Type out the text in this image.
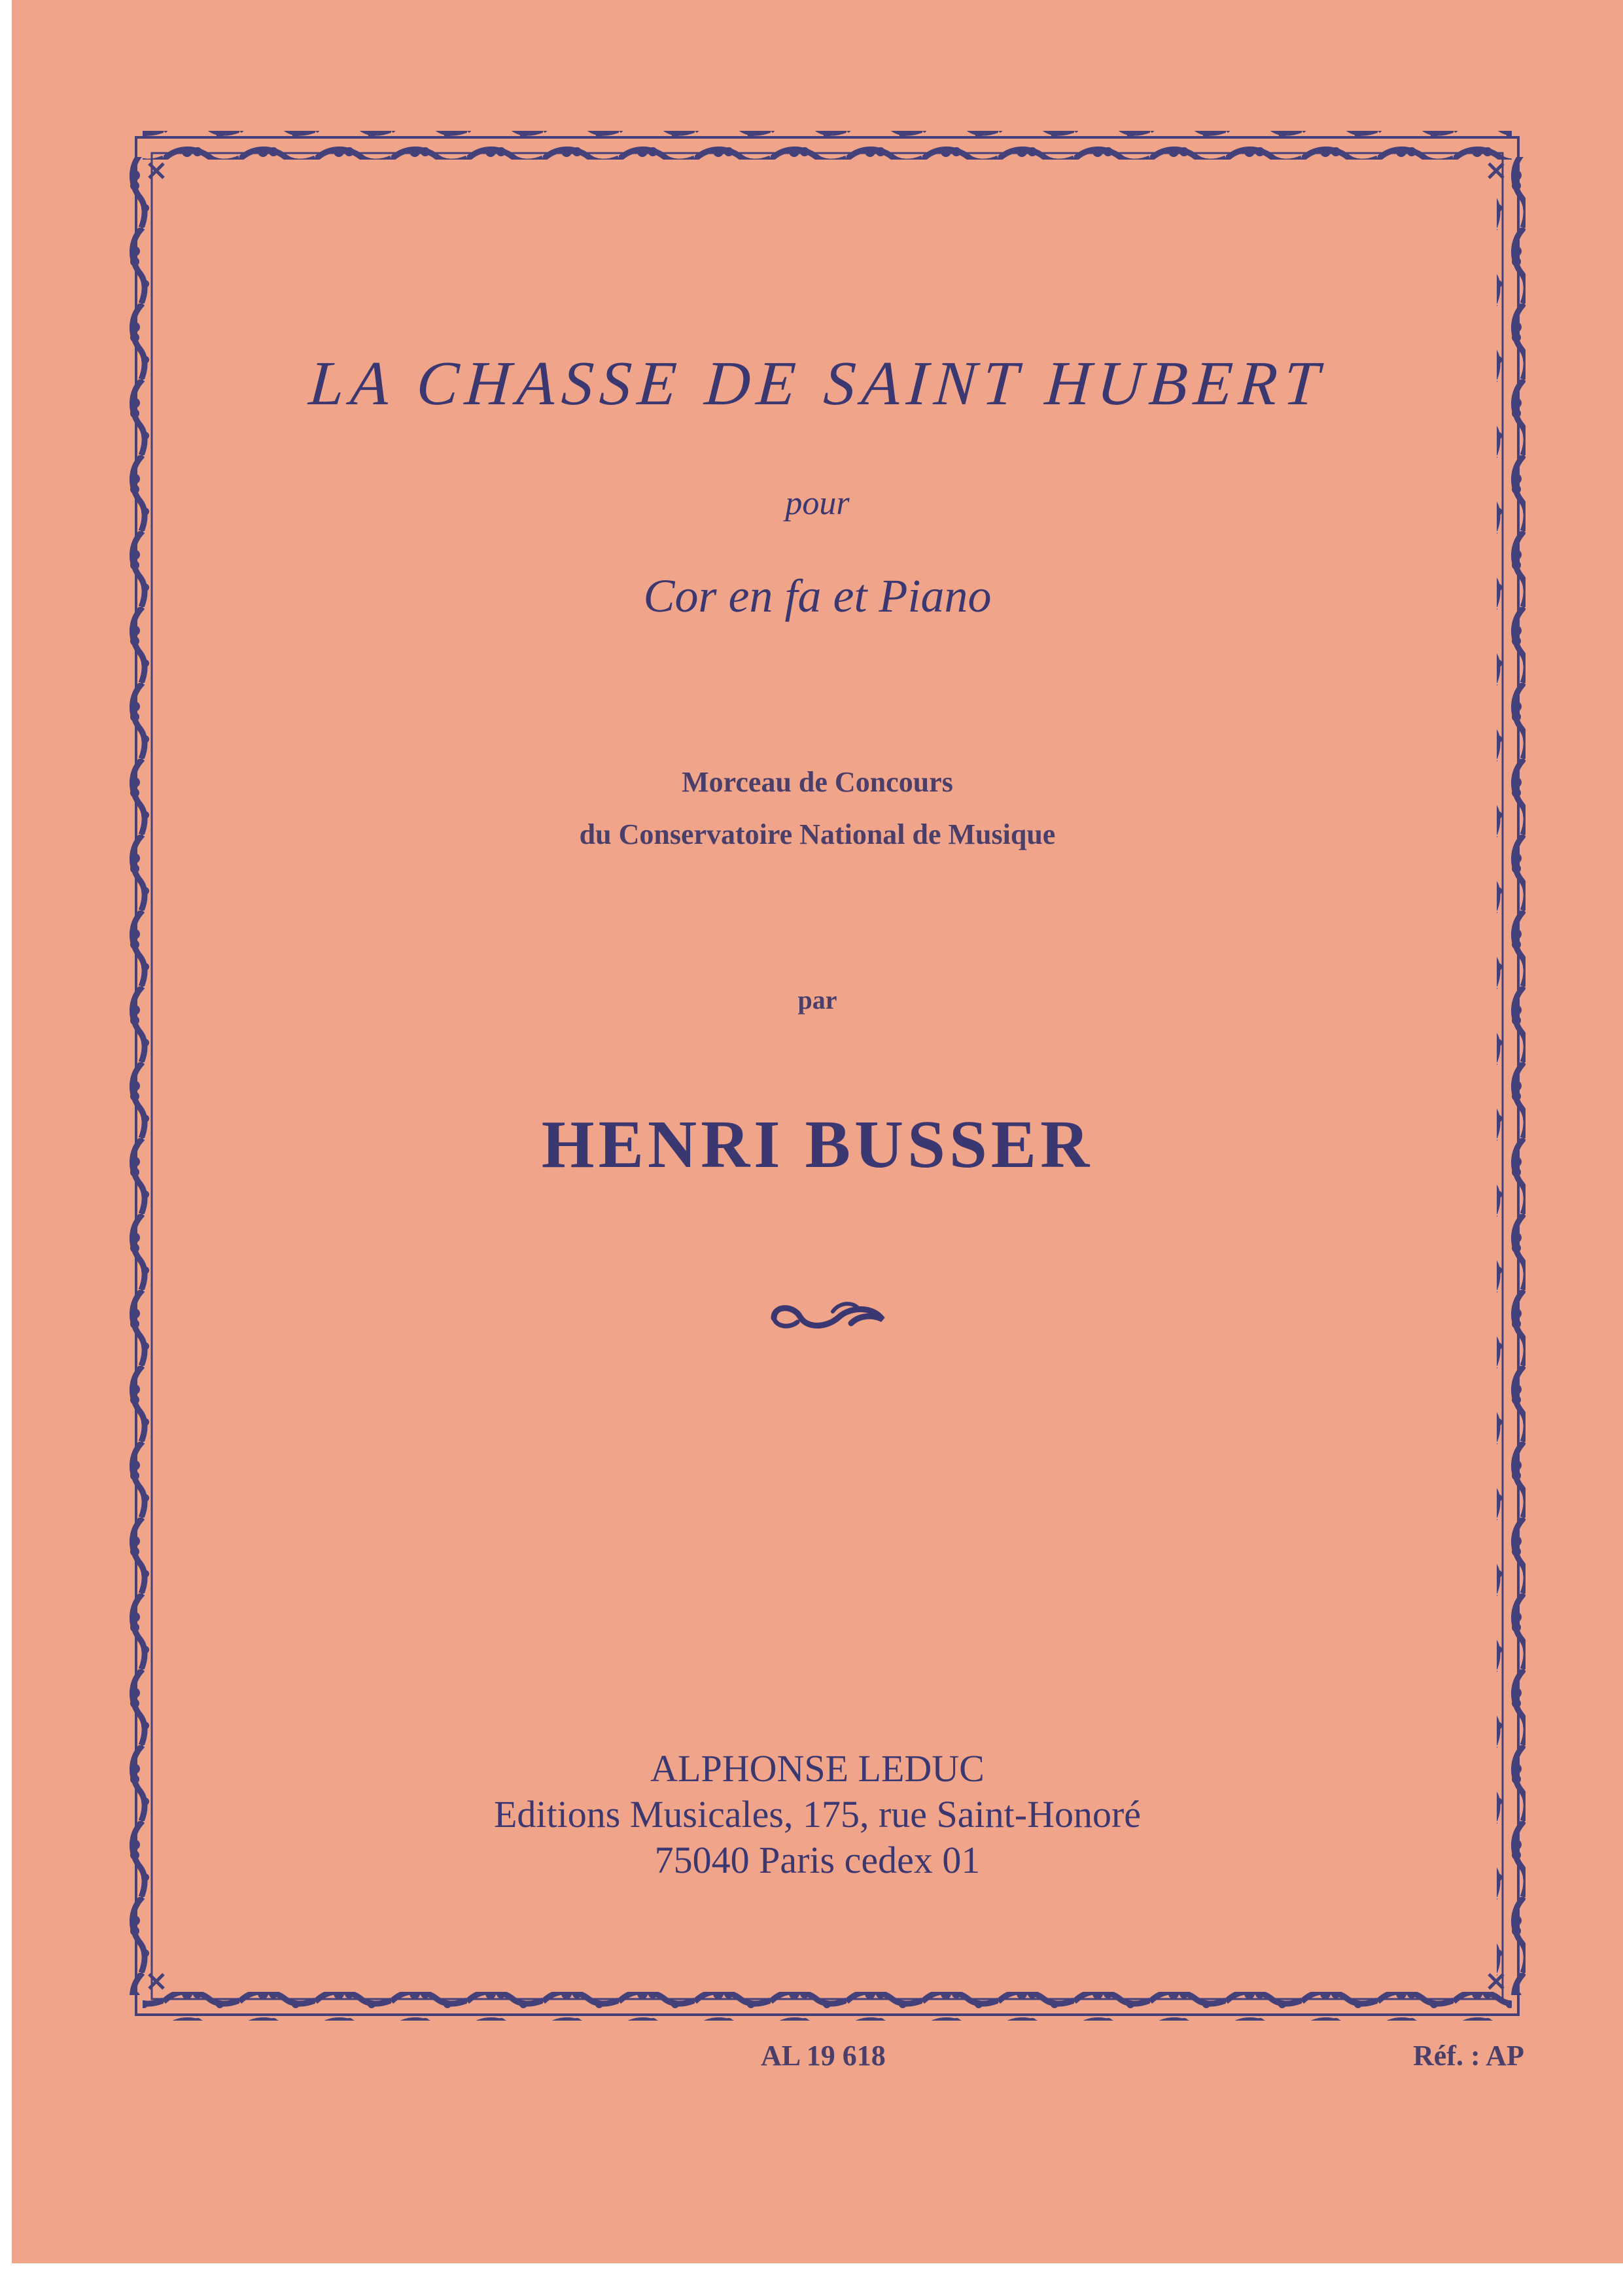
LA CHASSE DE SAINT HUBERT
pour
Cor en fa et Piano
Morceau de Concours
du Conservatoire National de Musique
par
HENRI BUSSER
ALPHONSE LEDUC
Editions Musicales, 175, rue Saint-Honoré
75040 Paris cedex 01
AL 19 618	Réf. : AP
